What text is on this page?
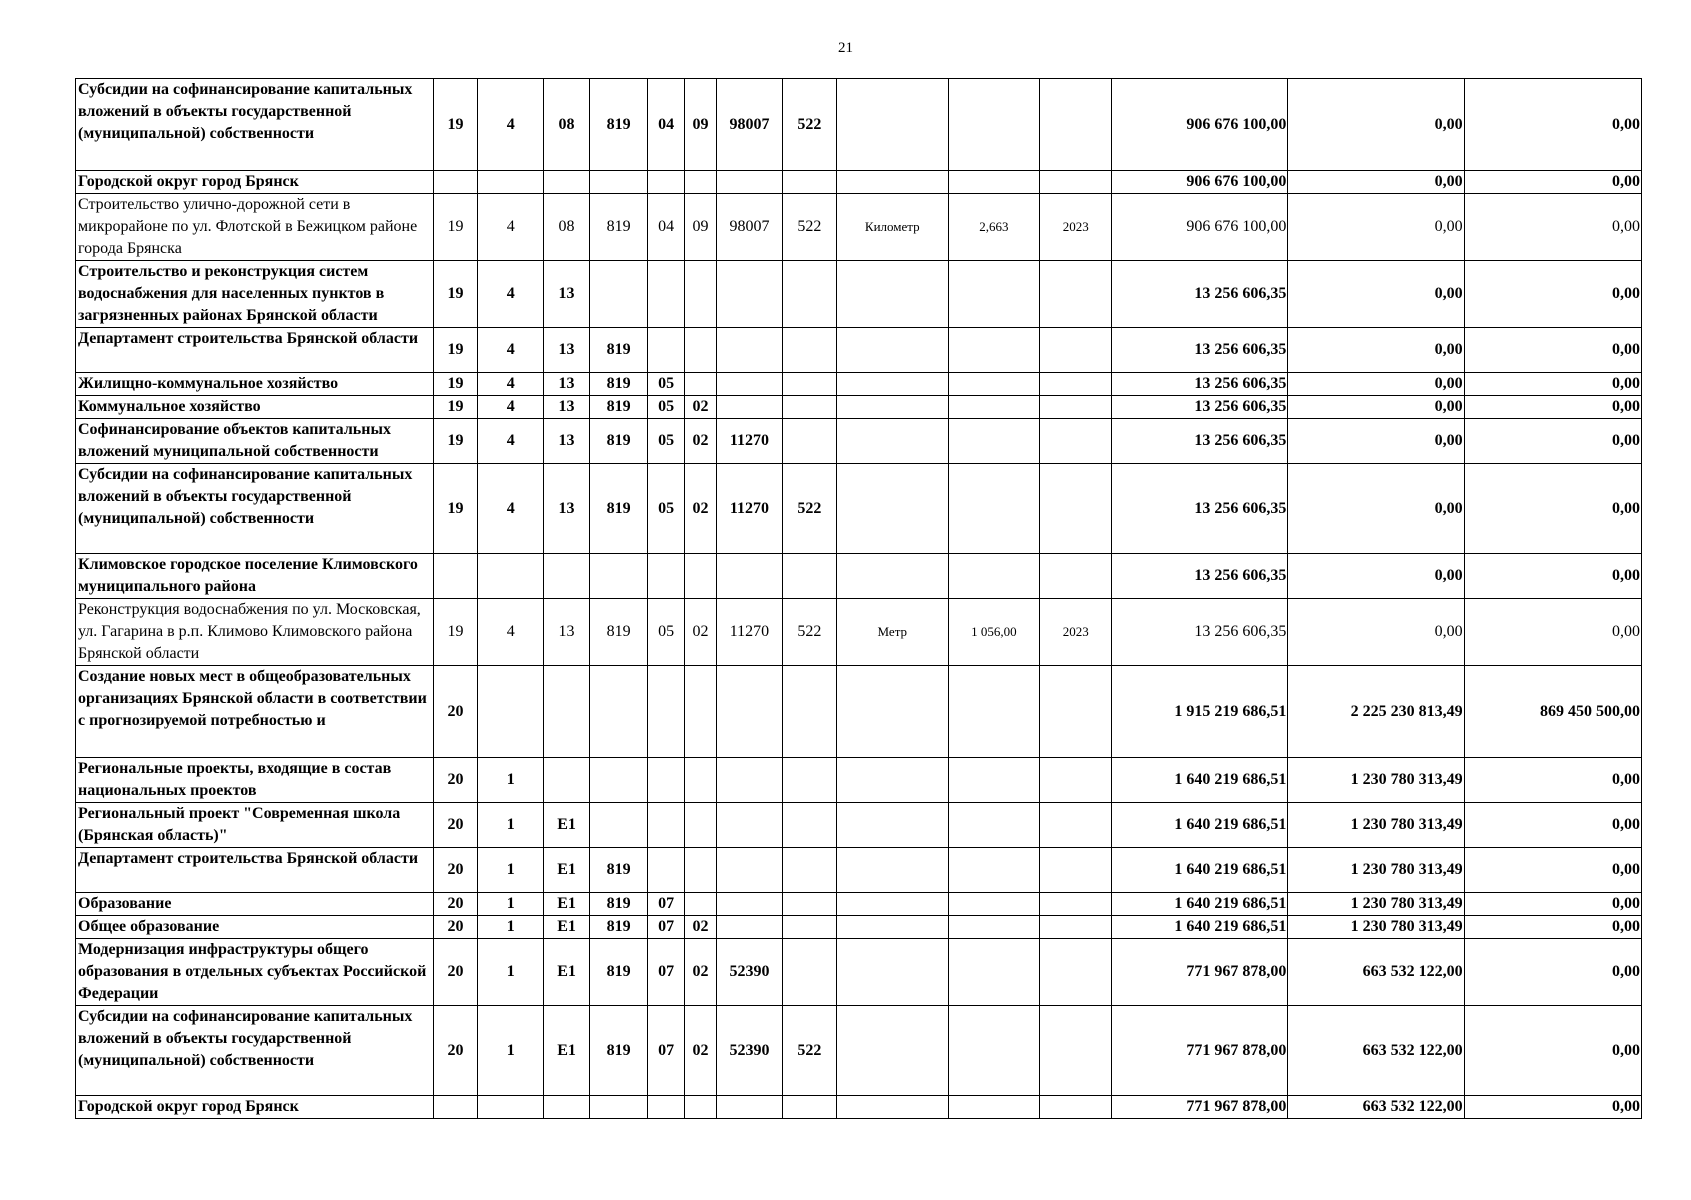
21
Субсидии на софинансирование капитальных вложений в объекты государственной (муниципальной) собственности	19	4	08	819	04	09	98007	522				906 676 100,00	0,00	0,00
Городской округ город Брянск												906 676 100,00	0,00	0,00
Строительство улично-дорожной сети в микрорайоне по ул. Флотской в Бежицком районе города Брянска	19	4	08	819	04	09	98007	522	Километр	2,663	2023	906 676 100,00	0,00	0,00
Строительство и реконструкция систем водоснабжения для населенных пунктов в загрязненных районах Брянской области	19	4	13									13 256 606,35	0,00	0,00
Департамент строительства Брянской области	19	4	13	819								13 256 606,35	0,00	0,00
Жилищно-коммунальное хозяйство	19	4	13	819	05							13 256 606,35	0,00	0,00
Коммунальное хозяйство	19	4	13	819	05	02						13 256 606,35	0,00	0,00
Софинансирование объектов капитальных вложений муниципальной собственности	19	4	13	819	05	02	11270					13 256 606,35	0,00	0,00
Субсидии на софинансирование капитальных вложений в объекты государственной (муниципальной) собственности	19	4	13	819	05	02	11270	522				13 256 606,35	0,00	0,00
Климовское городское поселение Климовского муниципального района												13 256 606,35	0,00	0,00
Реконструкция водоснабжения по ул. Московская, ул. Гагарина в р.п. Климово Климовского района Брянской области	19	4	13	819	05	02	11270	522	Метр	1 056,00	2023	13 256 606,35	0,00	0,00
Создание новых мест в общеобразовательных организациях Брянской области в соответствии с прогнозируемой потребностью и	20											1 915 219 686,51	2 225 230 813,49	869 450 500,00
Региональные проекты, входящие в состав национальных проектов	20	1										1 640 219 686,51	1 230 780 313,49	0,00
Региональный проект "Современная школа (Брянская область)"	20	1	E1									1 640 219 686,51	1 230 780 313,49	0,00
Департамент строительства Брянской области	20	1	E1	819								1 640 219 686,51	1 230 780 313,49	0,00
Образование	20	1	E1	819	07							1 640 219 686,51	1 230 780 313,49	0,00
Общее образование	20	1	E1	819	07	02						1 640 219 686,51	1 230 780 313,49	0,00
Модернизация инфраструктуры общего образования в отдельных субъектах Российской Федерации	20	1	E1	819	07	02	52390					771 967 878,00	663 532 122,00	0,00
Субсидии на софинансирование капитальных вложений в объекты государственной (муниципальной) собственности	20	1	E1	819	07	02	52390	522				771 967 878,00	663 532 122,00	0,00
Городской округ город Брянск												771 967 878,00	663 532 122,00	0,00
